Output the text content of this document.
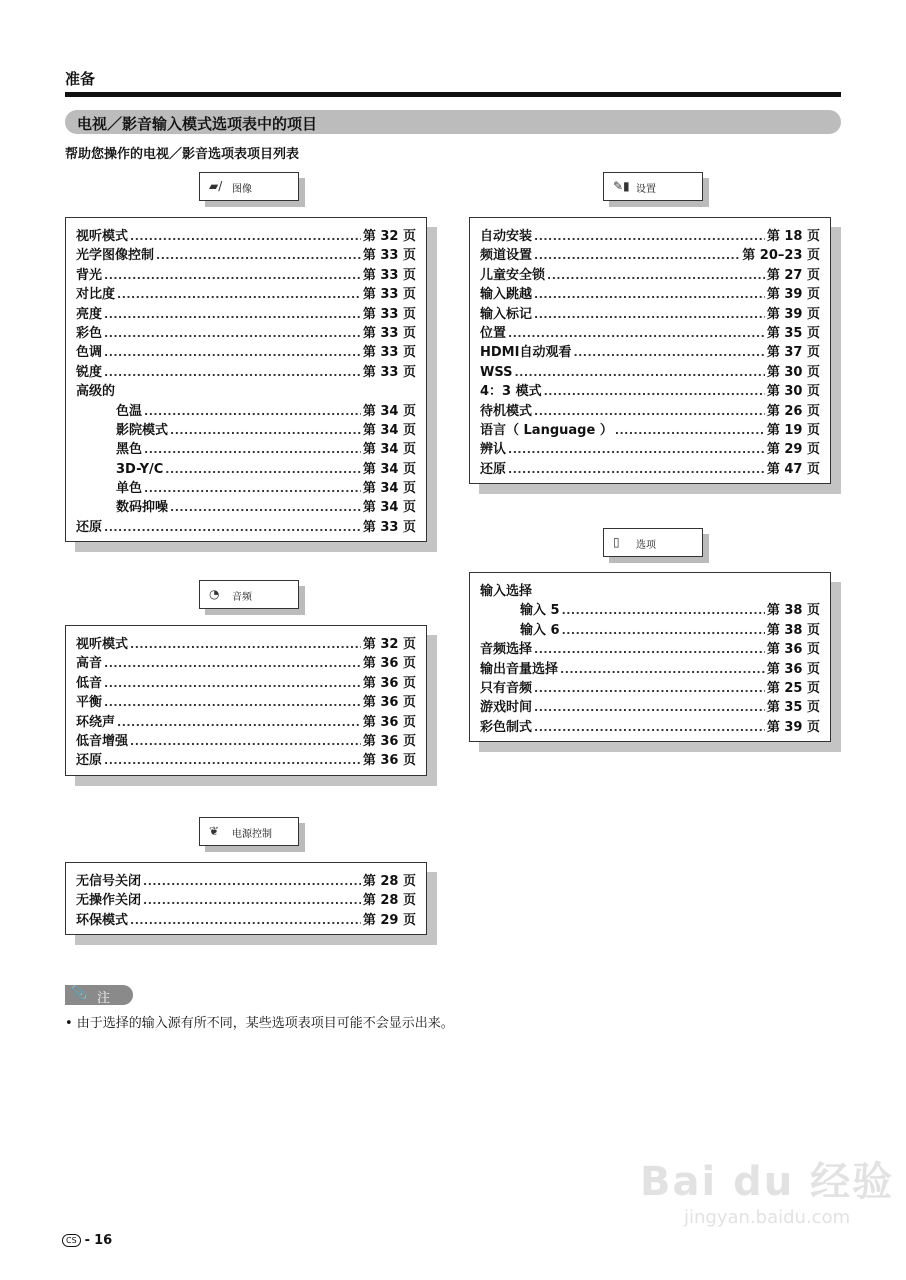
准备
电视／影音输入模式选项表中的项目
帮助您操作的电视／影音选项表项目列表
▰/ 图像
视听模式 .....	第 32 页
光学图像控制 .....	第 33 页
背光 .....	第 33 页
对比度 .....	第 33 页
亮度 .....	第 33 页
彩色 .....	第 33 页
色调 .....	第 33 页
锐度 .....	第 33 页
高级的
色温 .....	第 34 页
影院模式 .....	第 34 页
黑色 .....	第 34 页
3D-Y/C .....	第 34 页
单色 .....	第 34 页
数码抑噪 .....	第 34 页
还原 .....	第 33 页
◔ 音频
视听模式 .....	第 32 页
高音 .....	第 36 页
低音 .....	第 36 页
平衡 .....	第 36 页
环绕声 .....	第 36 页
低音增强 .....	第 36 页
还原 .....	第 36 页
❦ 电源控制
无信号关闭 .....	第 28 页
无操作关闭 .....	第 28 页
环保模式 .....	第 29 页
✎▮ 设置
自动安装 .....	第 18 页
频道设置 .....	第 20–23 页
儿童安全锁 .....	第 27 页
输入跳越 .....	第 39 页
输入标记 .....	第 39 页
位置 .....	第 35 页
HDMI自动观看 .....	第 37 页
WSS .....	第 30 页
4：3 模式 .....	第 30 页
待机模式 .....	第 26 页
语言（ Language ） .....	第 19 页
辨认 .....	第 29 页
还原 .....	第 47 页
▯ 选项
输入选择
输入 5 .....	第 38 页
输入 6 .....	第 38 页
音频选择 .....	第 36 页
输出音量选择 .....	第 36 页
只有音频 .....	第 25 页
游戏时间 .....	第 35 页
彩色制式 .....	第 39 页
📎 注
• 由于选择的输入源有所不同，某些选项表项目可能不会显示出来。
CS - 16
Bai du 经验
jingyan.baidu.com
